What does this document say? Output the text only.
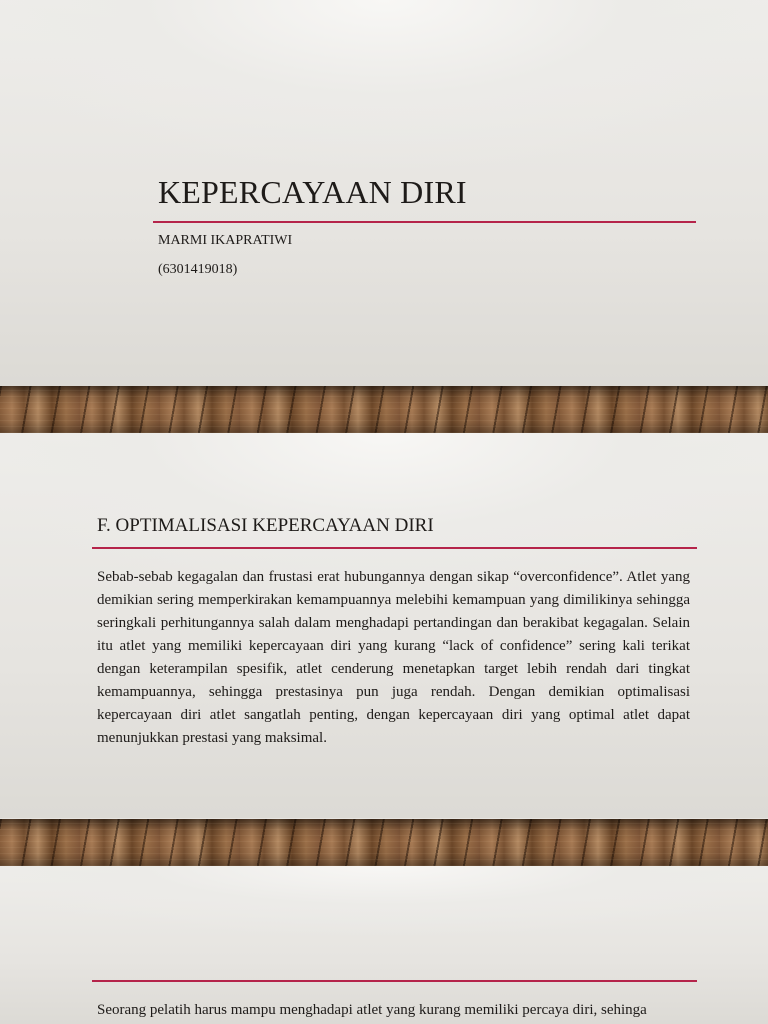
KEPERCAYAAN DIRI
MARMI IKAPRATIWI
(6301419018)
F. OPTIMALISASI KEPERCAYAAN DIRI

Sebab-sebab kegagalan dan frustasi erat hubungannya dengan sikap “overconfidence”. Atlet yang demikian sering memperkirakan kemampuannya melebihi kemampuan yang dimilikinya sehingga seringkali perhitungannya salah dalam menghadapi pertandingan dan berakibat kegagalan. Selain itu atlet yang memiliki kepercayaan diri yang kurang “lack of confidence” sering kali terikat dengan keterampilan spesifik, atlet cenderung menetapkan target lebih rendah dari tingkat kemampuannya, sehingga prestasinya pun juga rendah. Dengan demikian optimalisasi kepercayaan diri atlet sangatlah penting, dengan kepercayaan diri yang optimal atlet dapat menunjukkan prestasi yang maksimal.

Seorang pelatih harus mampu menghadapi atlet yang kurang memiliki percaya diri, sehinga
